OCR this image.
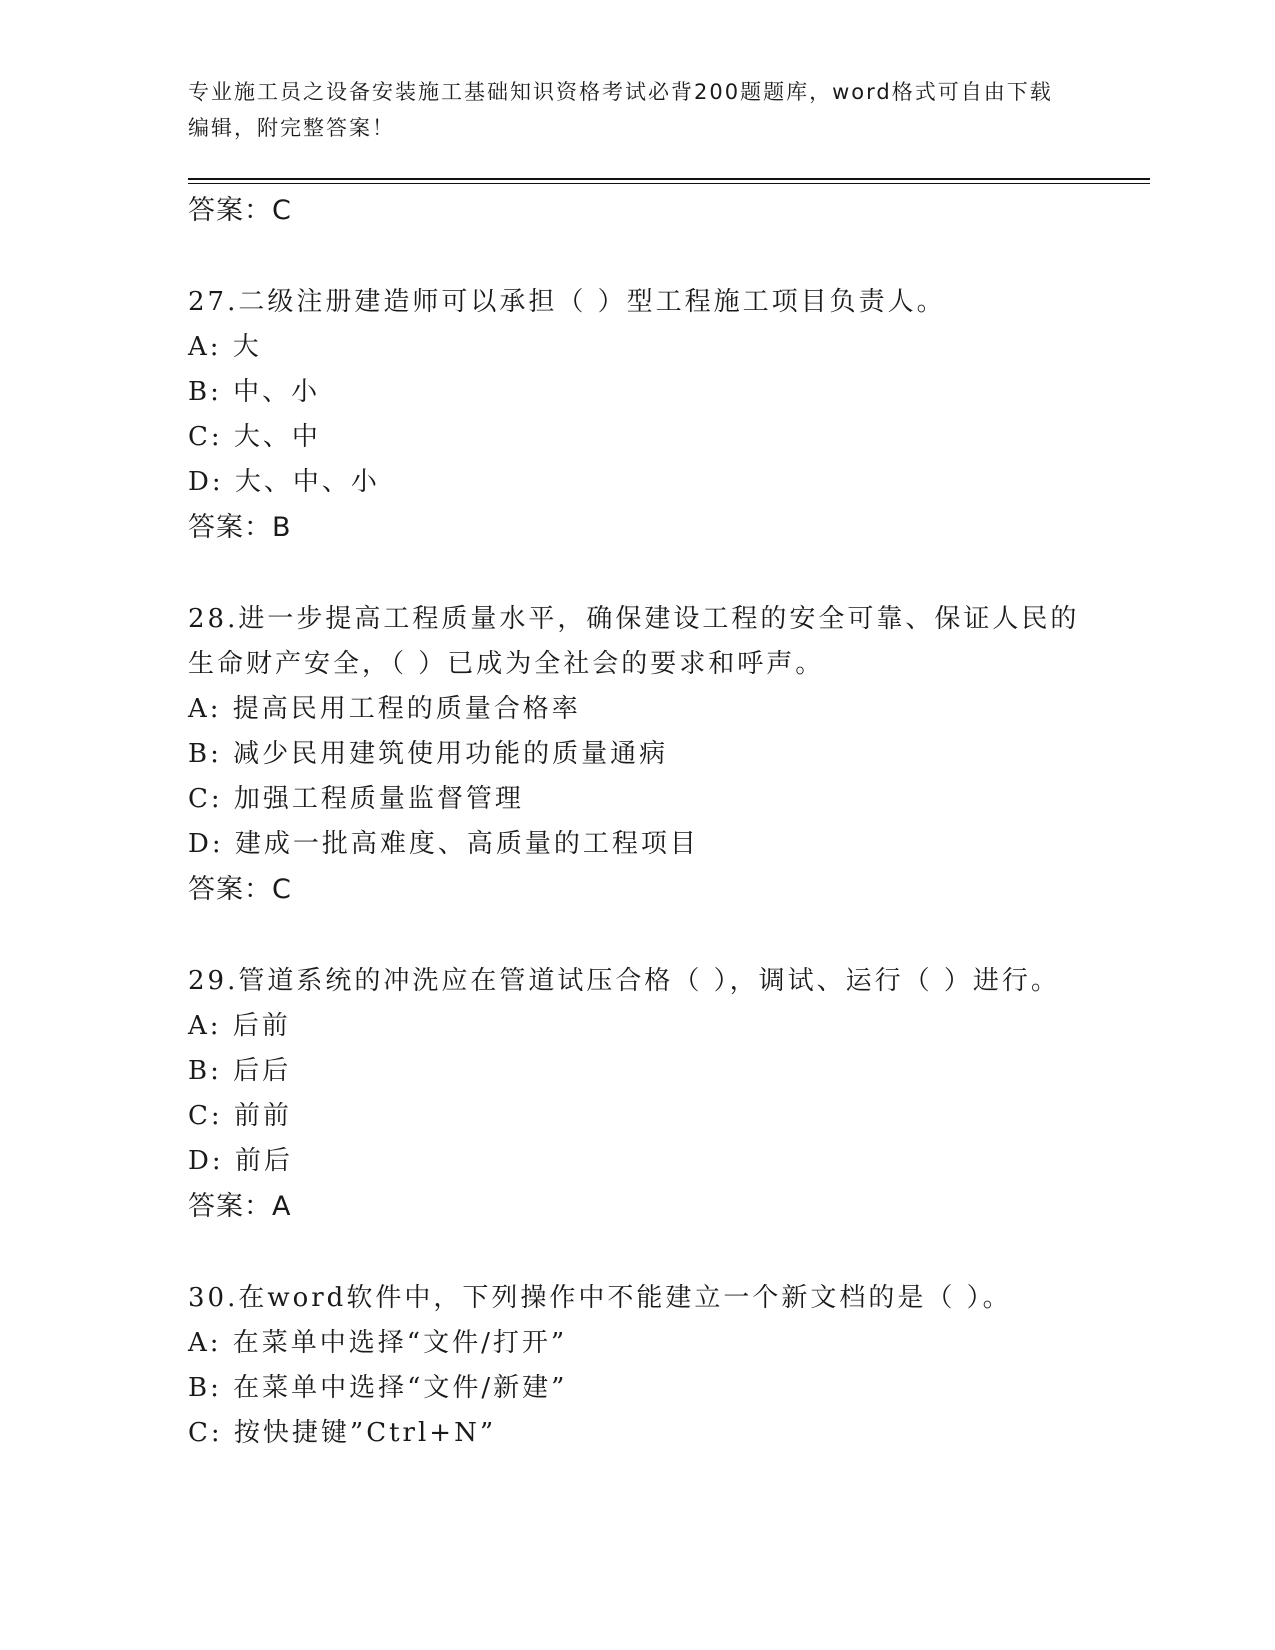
专业施工员之设备安装施工基础知识资格考试必背200题题库，word格式可自由下载编辑，附完整答案！
答案：C
27.二级注册建造师可以承担（ ）型工程施工项目负责人。
A: 大
B: 中、小
C: 大、中
D: 大、中、小
答案：B
28.进一步提高工程质量水平，确保建设工程的安全可靠、保证人民的生命财产安全，（ ）已成为全社会的要求和呼声。
A: 提高民用工程的质量合格率
B: 减少民用建筑使用功能的质量通病
C: 加强工程质量监督管理
D: 建成一批高难度、高质量的工程项目
答案：C
29.管道系统的冲洗应在管道试压合格（ ），调试、运行（ ）进行。
A: 后前
B: 后后
C: 前前
D: 前后
答案：A
30.在word软件中，下列操作中不能建立一个新文档的是（ ）。
A: 在菜单中选择“文件/打开”
B: 在菜单中选择“文件/新建”
C: 按快捷键”Ctrl+N”
